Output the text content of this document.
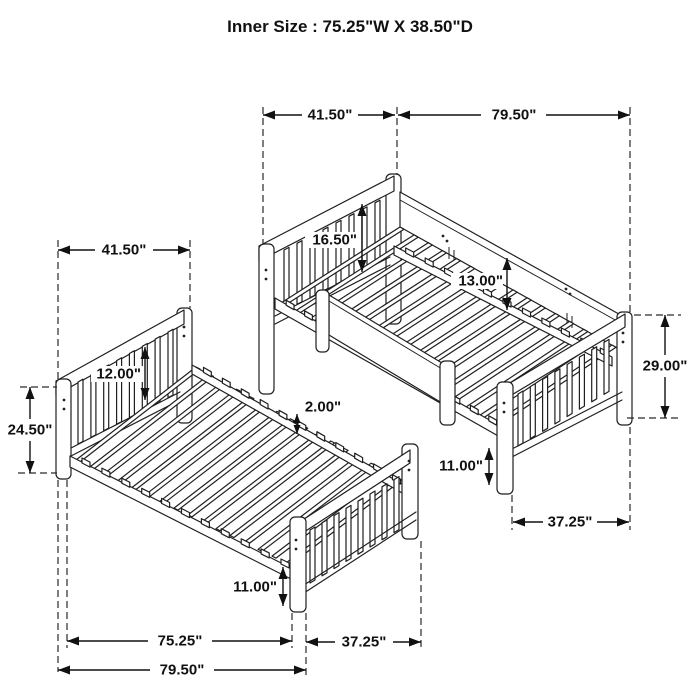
Inner Size : 75.25"W X 38.50"D
41.50"	79.50"
41.50"
24.50"
12.00"
16.50"
13.00"
29.00"
11.00"
37.25"
2.00"
11.00"
75.25"	37.25"
79.50"
